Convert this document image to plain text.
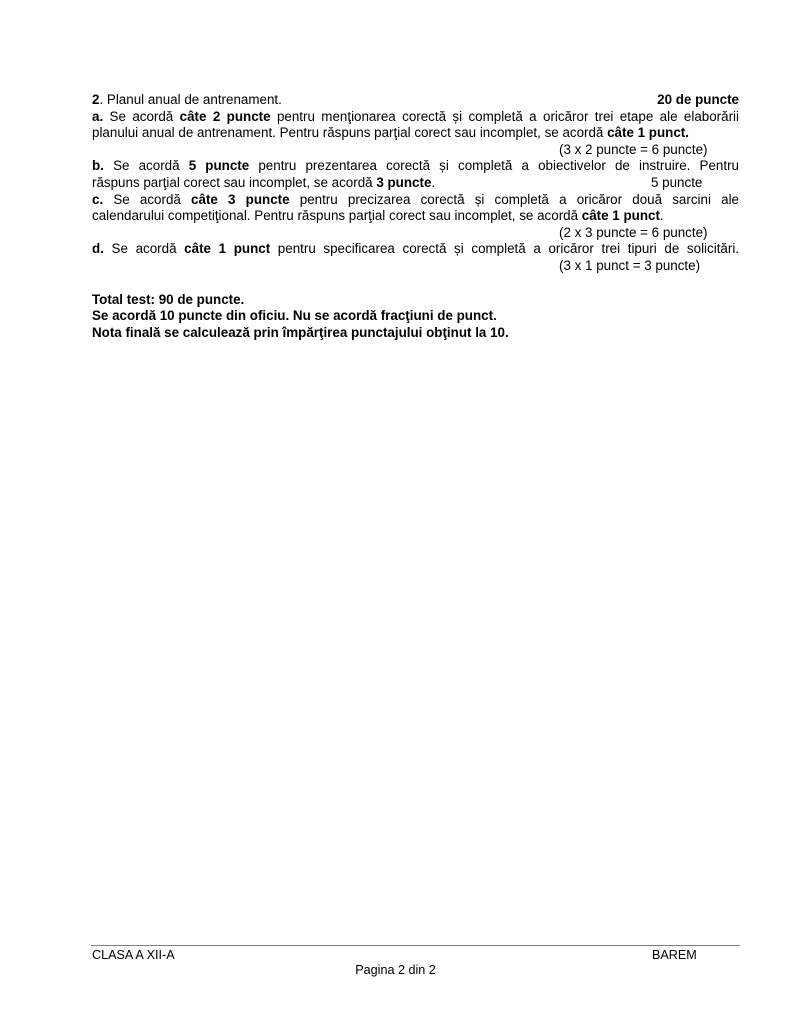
2. Planul anual de antrenament.	20 de puncte
a. Se acordă câte 2 puncte pentru menţionarea corectă și completă a oricăror trei etape ale elaborării
planului anual de antrenament. Pentru răspuns parţial corect sau incomplet, se acordă câte 1 punct.
(3 x 2 puncte = 6 puncte)
b. Se acordă 5 puncte pentru prezentarea corectă și completă a obiectivelor de instruire. Pentru
răspuns parţial corect sau incomplet, se acordă 3 puncte.	5 puncte
c. Se acordă câte 3 puncte pentru precizarea corectă și completă a oricăror două sarcini ale
calendarului competiţional. Pentru răspuns parţial corect sau incomplet, se acordă câte 1 punct.
(2 x 3 puncte = 6 puncte)
d. Se acordă câte 1 punct pentru specificarea corectă și completă a oricăror trei tipuri de solicitări.
(3 x 1 punct = 3 puncte)
Total test: 90 de puncte.
Se acordă 10 puncte din oficiu. Nu se acordă fracţiuni de punct.
Nota finală se calculează prin împărţirea punctajului obţinut la 10.
CLASA A XII-A	BAREM
Pagina 2 din 2
